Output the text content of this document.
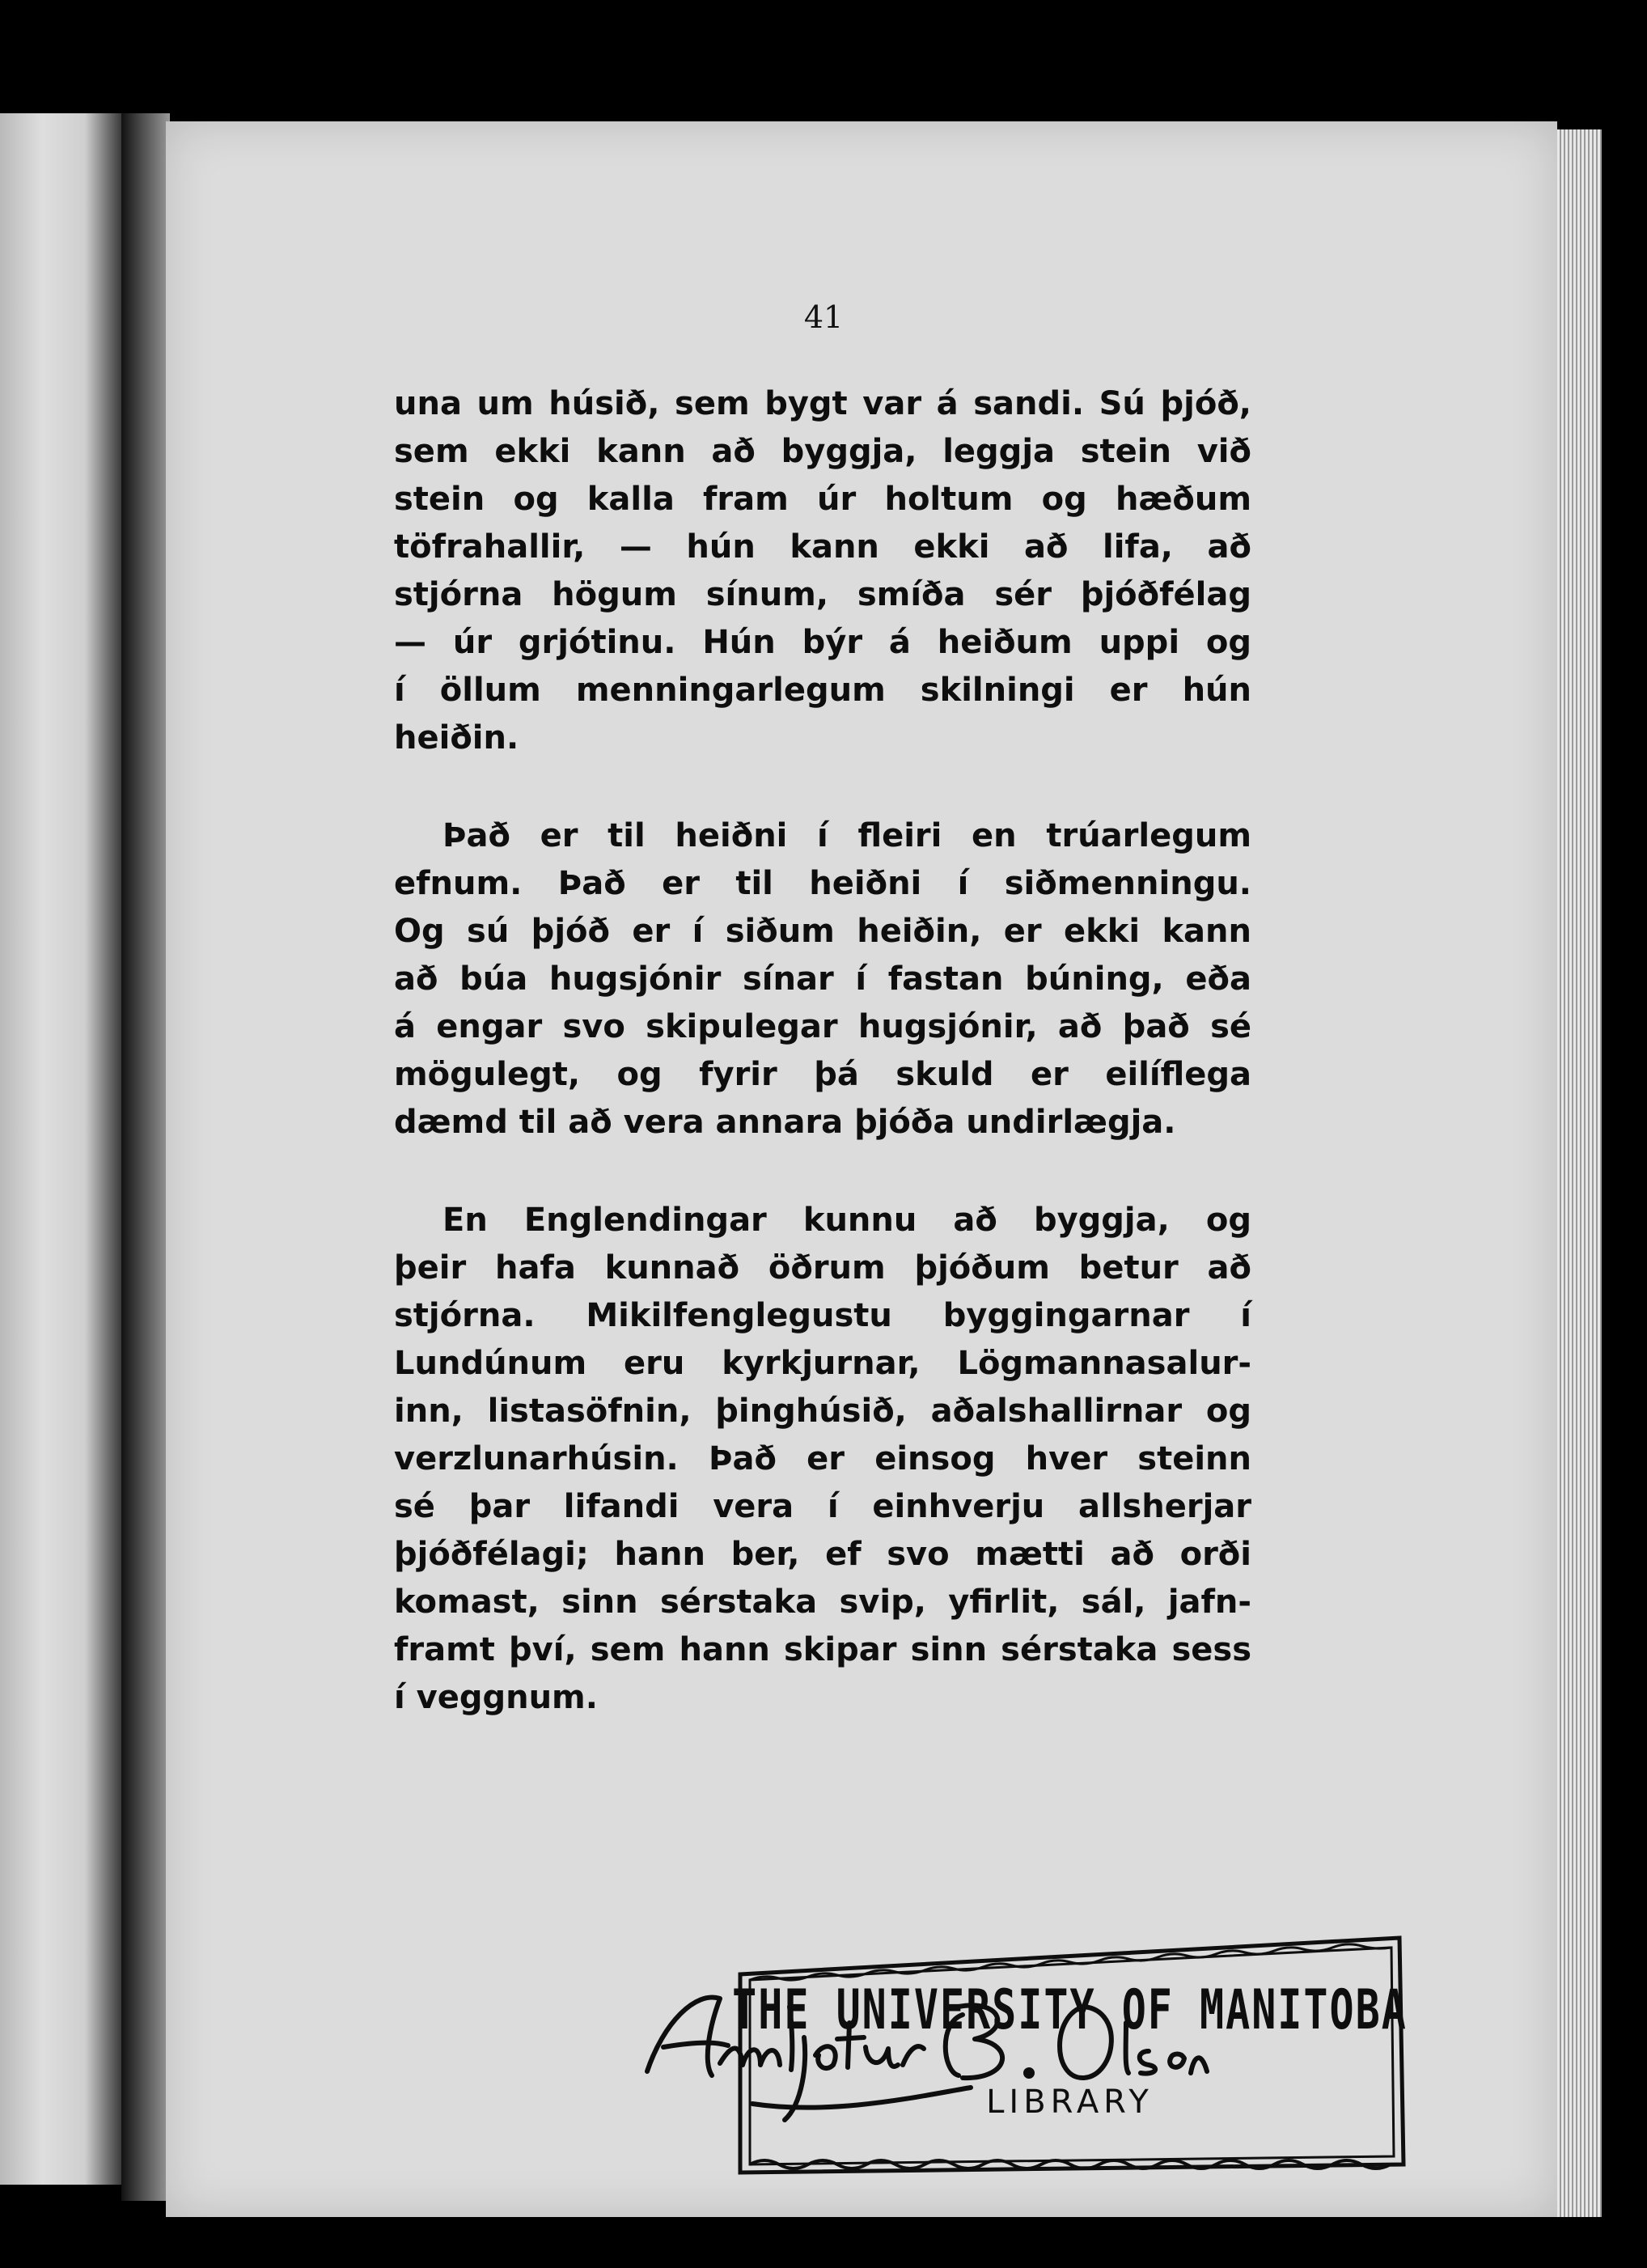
41
una um húsið, sem bygt var á sandi. Sú þjóð,
sem ekki kann að byggja, leggja stein við
stein og kalla fram úr holtum og hæðum
töfrahallir, — hún kann ekki að lifa, að
stjórna högum sínum, smíða sér þjóðfélag
— úr grjótinu. Hún býr á heiðum uppi og
í öllum menningarlegum skilningi er hún
heiðin.
Það er til heiðni í fleiri en trúarlegum
efnum. Það er til heiðni í siðmenningu.
Og sú þjóð er í siðum heiðin, er ekki kann
að búa hugsjónir sínar í fastan búning, eða
á engar svo skipulegar hugsjónir, að það sé
mögulegt, og fyrir þá skuld er eilíflega
dæmd til að vera annara þjóða undirlægja.
En Englendingar kunnu að byggja, og
þeir hafa kunnað öðrum þjóðum betur að
stjórna. Mikilfenglegustu byggingarnar í
Lundúnum eru kyrkjurnar, Lögmannasalur-
inn, listasöfnin, þinghúsið, aðalshallirnar og
verzlunarhúsin. Það er einsog hver steinn
sé þar lifandi vera í einhverju allsherjar
þjóðfélagi; hann ber, ef svo mætti að orði
komast, sinn sérstaka svip, yfirlit, sál, jafn-
framt því, sem hann skipar sinn sérstaka sess
í veggnum.
THE UNIVERSITY OF MANITOBA
LIBRARY
